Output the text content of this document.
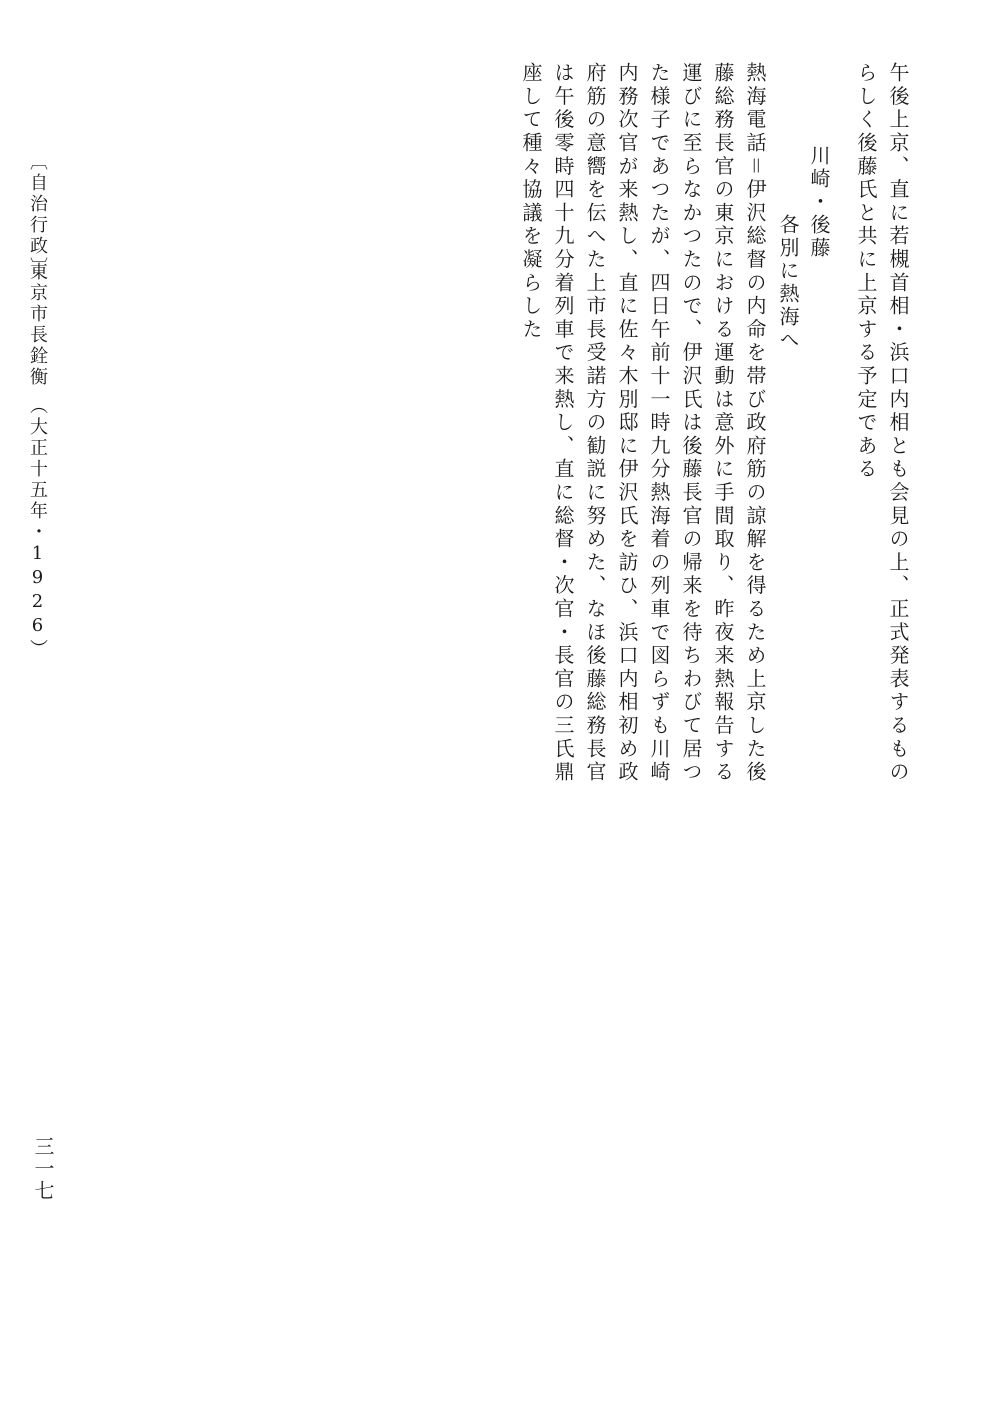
午後上京、直に若槻首相・浜口内相とも会見の上、正式発表するもの
らしく後藤氏と共に上京する予定である
川崎・後藤
各別に熱海へ
熱海電話＝伊沢総督の内命を帯び政府筋の諒解を得るため上京した後
藤総務長官の東京における運動は意外に手間取り、昨夜来熱報告する
運びに至らなかつたので、伊沢氏は後藤長官の帰来を待ちわびて居つ
た様子であつたが、四日午前十一時九分熱海着の列車で図らずも川崎
内務次官が来熱し、直に佐々木別邸に伊沢氏を訪ひ、浜口内相初め政
府筋の意嚮を伝へた上市長受諾方の勧説に努めた、なほ後藤総務長官
は午後零時四十九分着列車で来熱し、直に総督・次官・長官の三氏鼎
座して種々協議を凝らした
〔自治行政〕
東京市長銓衡
（大正十五年・1926）
三一七
